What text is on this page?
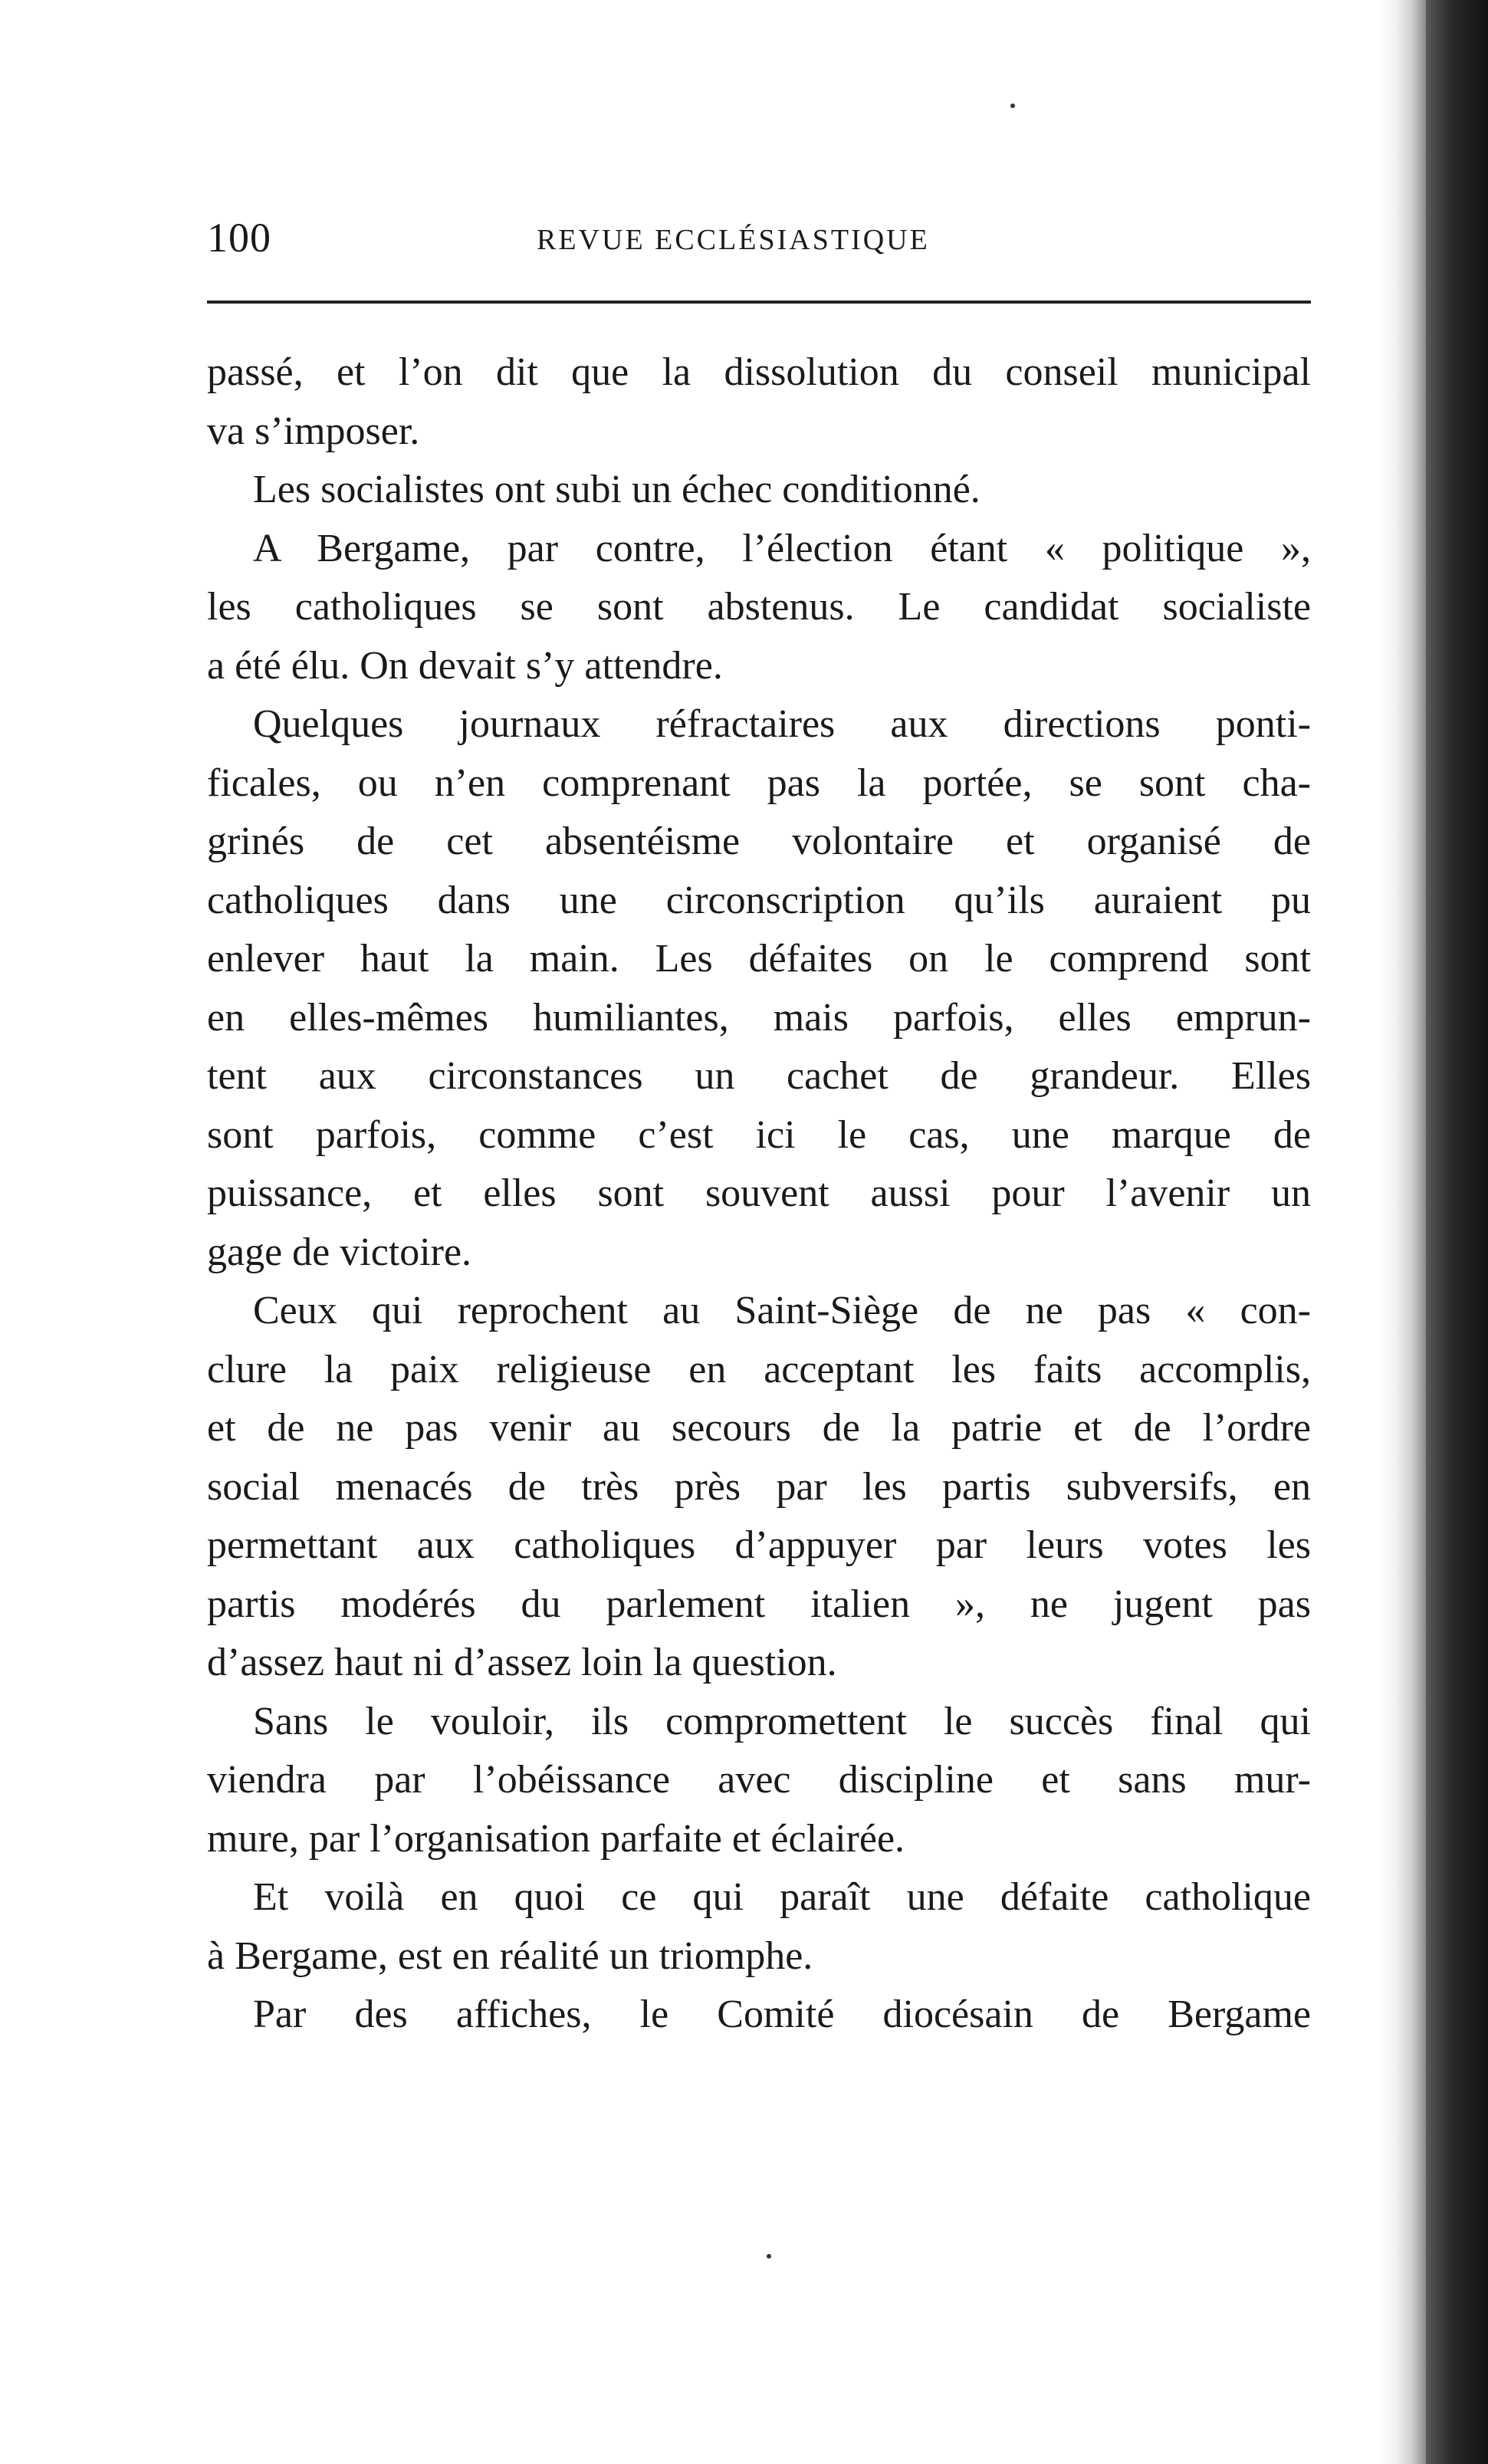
100	REVUE ECCLÉSIASTIQUE
passé, et l’on dit que la dissolution du conseil municipal
va s’imposer.
Les socialistes ont subi un échec conditionné.
A Bergame, par contre, l’élection étant « politique »,
les catholiques se sont abstenus. Le candidat socialiste
a été élu. On devait s’y attendre.
Quelques journaux réfractaires aux directions ponti-
ficales, ou n’en comprenant pas la portée, se sont cha-
grinés de cet absentéisme volontaire et organisé de
catholiques dans une circonscription qu’ils auraient pu
enlever haut la main. Les défaites on le comprend sont
en elles-mêmes humiliantes, mais parfois, elles emprun-
tent aux circonstances un cachet de grandeur. Elles
sont parfois, comme c’est ici le cas, une marque de
puissance, et elles sont souvent aussi pour l’avenir un
gage de victoire.
Ceux qui reprochent au Saint-Siège de ne pas « con-
clure la paix religieuse en acceptant les faits accomplis,
et de ne pas venir au secours de la patrie et de l’ordre
social menacés de très près par les partis subversifs, en
permettant aux catholiques d’appuyer par leurs votes les
partis modérés du parlement italien », ne jugent pas
d’assez haut ni d’assez loin la question.
Sans le vouloir, ils compromettent le succès final qui
viendra par l’obéissance avec discipline et sans mur-
mure, par l’organisation parfaite et éclairée.
Et voilà en quoi ce qui paraît une défaite catholique
à Bergame, est en réalité un triomphe.
Par des affiches, le Comité diocésain de Bergame
